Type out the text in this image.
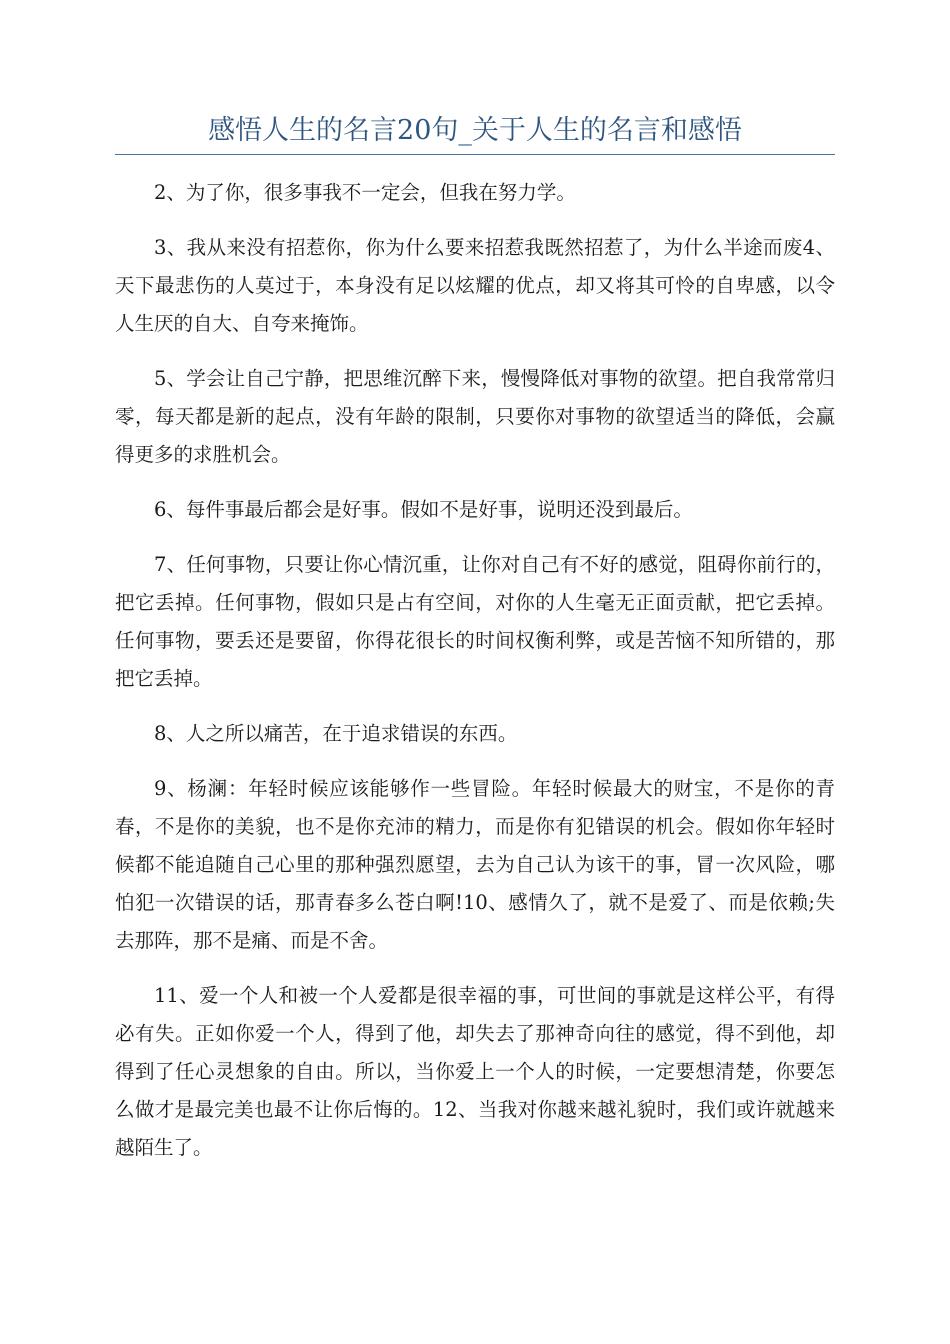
感悟人生的名言20句_关于人生的名言和感悟

2、为了你，很多事我不一定会，但我在努力学。

3、我从来没有招惹你，你为什么要来招惹我既然招惹了，为什么半途而废4、天下最悲伤的人莫过于，本身没有足以炫耀的优点，却又将其可怜的自卑感，以令人生厌的自大、自夸来掩饰。

5、学会让自己宁静，把思维沉醉下来，慢慢降低对事物的欲望。把自我常常归零，每天都是新的起点，没有年龄的限制，只要你对事物的欲望适当的降低，会赢得更多的求胜机会。

6、每件事最后都会是好事。假如不是好事，说明还没到最后。

7、任何事物，只要让你心情沉重，让你对自己有不好的感觉，阻碍你前行的，把它丢掉。任何事物，假如只是占有空间，对你的人生毫无正面贡献，把它丢掉。任何事物，要丢还是要留，你得花很长的时间权衡利弊，或是苦恼不知所错的，那把它丢掉。

8、人之所以痛苦，在于追求错误的东西。

9、杨澜：年轻时候应该能够作一些冒险。年轻时候最大的财宝，不是你的青春，不是你的美貌，也不是你充沛的精力，而是你有犯错误的机会。假如你年轻时候都不能追随自己心里的那种强烈愿望，去为自己认为该干的事，冒一次风险，哪怕犯一次错误的话，那青春多么苍白啊!10、感情久了，就不是爱了、而是依赖;失去那阵，那不是痛、而是不舍。

11、爱一个人和被一个人爱都是很幸福的事，可世间的事就是这样公平，有得必有失。正如你爱一个人，得到了他，却失去了那神奇向往的感觉，得不到他，却得到了任心灵想象的自由。所以，当你爱上一个人的时候，一定要想清楚，你要怎么做才是最完美也最不让你后悔的。12、当我对你越来越礼貌时，我们或许就越来越陌生了。
